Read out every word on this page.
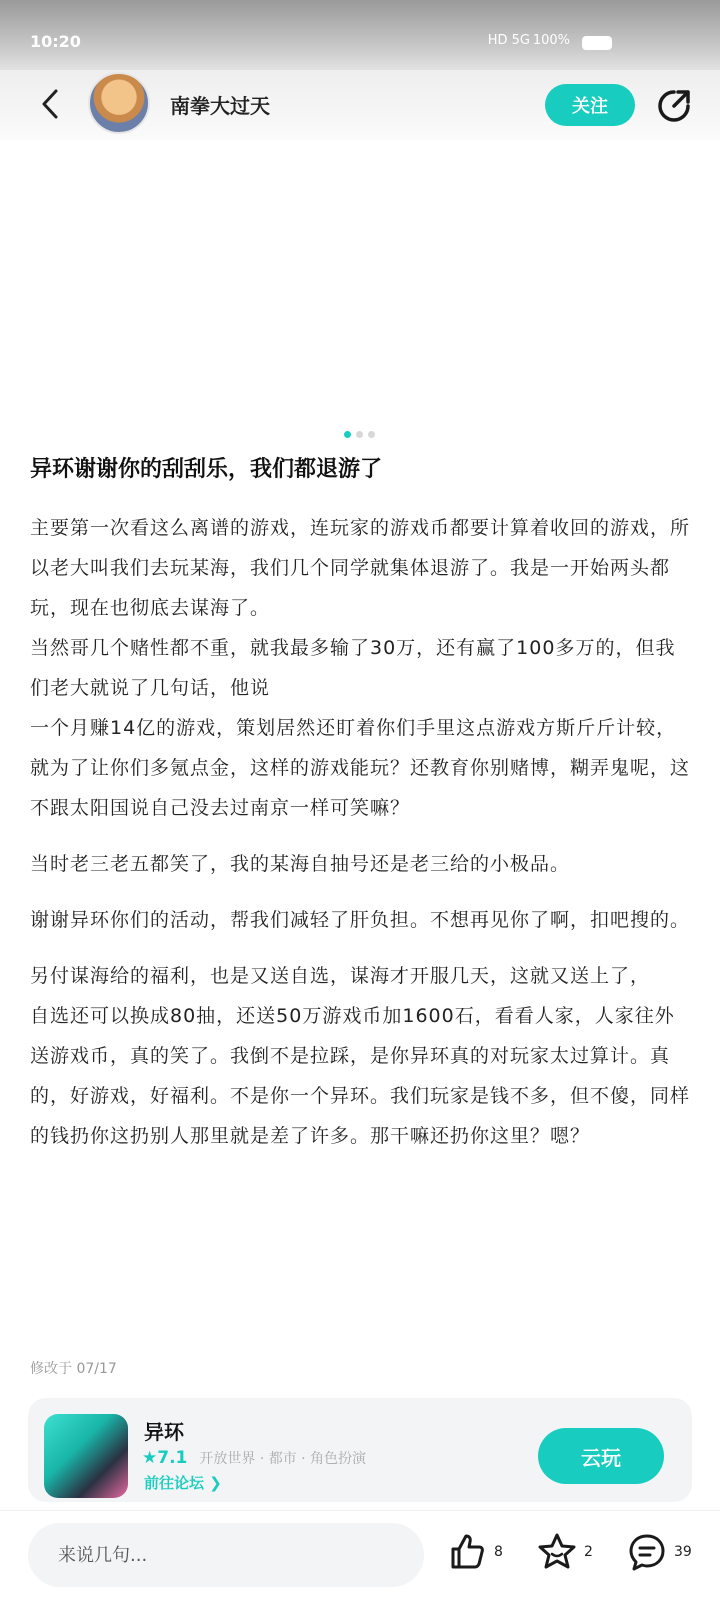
10:20	HD 5G 100%
南拳大过天	关注
异环谢谢你的刮刮乐，我们都退游了

主要第一次看这么离谱的游戏，连玩家的游戏币都要计算着收回的游戏，所以老大叫我们去玩某海，我们几个同学就集体退游了。我是一开始两头都玩，现在也彻底去谋海了。

当然哥几个赌性都不重，就我最多输了30万，还有赢了100多万的，但我们老大就说了几句话，他说

一个月赚14亿的游戏，策划居然还盯着你们手里这点游戏方斯斤斤计较，就为了让你们多氪点金，这样的游戏能玩？还教育你别赌博，糊弄鬼呢，这不跟太阳国说自己没去过南京一样可笑嘛？

当时老三老五都笑了，我的某海自抽号还是老三给的小极品。

谢谢异环你们的活动，帮我们减轻了肝负担。不想再见你了啊，扣吧搜的。

另付谋海给的福利，也是又送自选，谋海才开服几天，这就又送上了，

自选还可以换成80抽，还送50万游戏币加1600石，看看人家，人家往外送游戏币，真的笑了。我倒不是拉踩，是你异环真的对玩家太过算计。真的，好游戏，好福利。不是你一个异环。我们玩家是钱不多，但不傻，同样的钱扔你这扔别人那里就是差了许多。那干嘛还扔你这里？嗯？

修改于 07/17
异环
★7.1 开放世界 · 都市 · 角色扮演
前往论坛 ❯
云玩
来说几句...
8	2	39
